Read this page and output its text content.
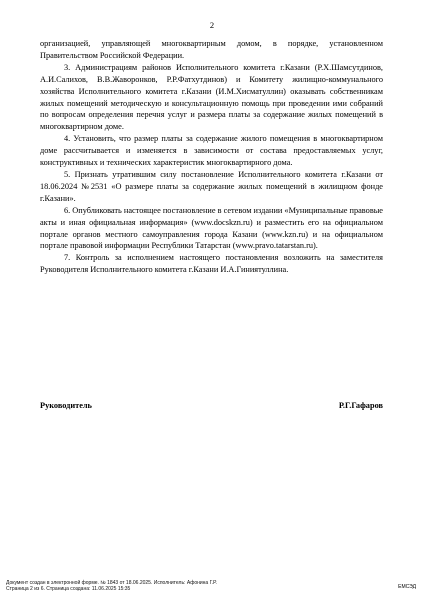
2

организацией, управляющей многоквартирным домом, в порядке, установленном Правительством Российской Федерации.

3. Администрациям районов Исполнительного комитета г.Казани (Р.Х.Шамсутдинов, А.И.Салихов, В.В.Жаворонков, Р.Р.Фатхутдинов) и Комитету жилищно-коммунального хозяйства Исполнительного комитета г.Казани (И.М.Хисматуллин) оказывать собственникам жилых помещений методическую и консультационную помощь при проведении ими собраний по вопросам определения перечня услуг и размера платы за содержание жилых помещений в многоквартирном доме.

4. Установить, что размер платы за содержание жилого помещения в многоквартирном доме рассчитывается и изменяется в зависимости от состава предоставляемых услуг, конструктивных и технических характеристик многоквартирного дома.

5. Признать утратившим силу постановление Исполнительного комитета г.Казани от 18.06.2024 №2531 «О размере платы за содержание жилых помещений в жилищном фонде г.Казани».

6. Опубликовать настоящее постановление в сетевом издании «Муниципальные правовые акты и иная официальная информация» (www.docskzn.ru) и разместить его на официальном портале органов местного самоуправления города Казани (www.kzn.ru) и на официальном портале правовой информации Республики Татарстан (www.pravo.tatarstan.ru).

7. Контроль за исполнением настоящего постановления возложить на заместителя Руководителя Исполнительного комитета г.Казани И.А.Гиниятуллина.

Руководитель	Р.Г.Гафаров
Документ создан в электронной форме. № 1843 от 18.06.2025. Исполнитель: Афонина Г.Р.
Страница 2 из 6. Страница создана: 11.06.2025 15:35	ЕМСЭД
